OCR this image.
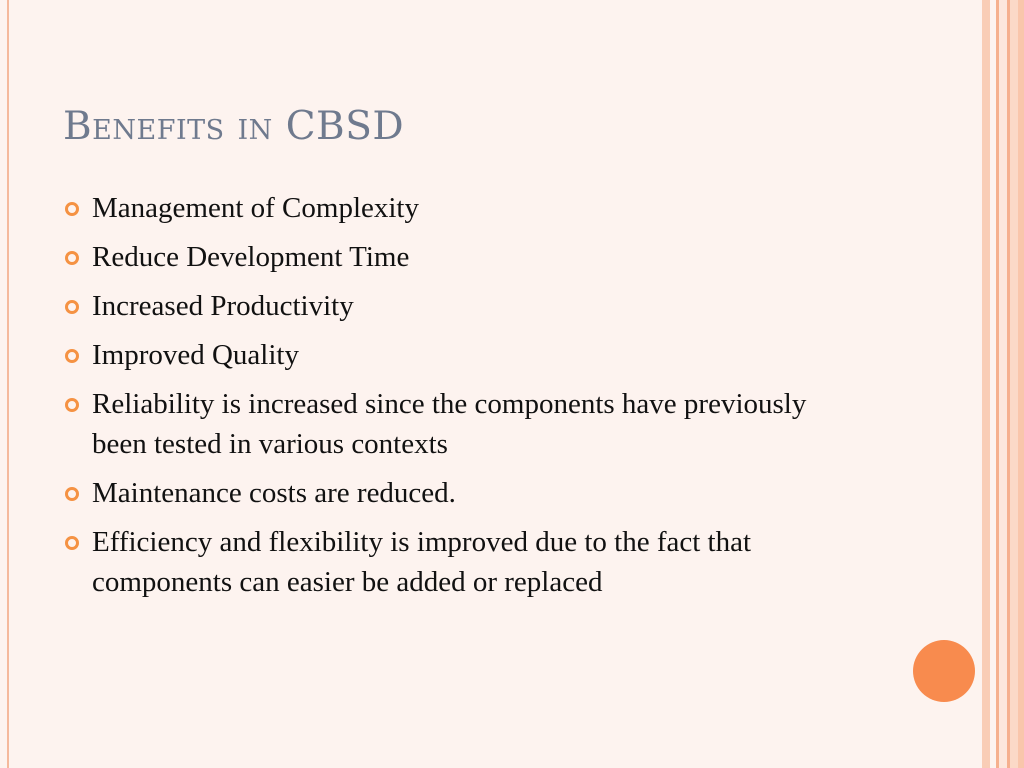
Benefits in CBSD
Management of Complexity
Reduce Development Time
Increased Productivity
Improved Quality
Reliability is increased since the components have previously been tested in various contexts
Maintenance costs are reduced.
Efficiency and flexibility is improved due to the fact that components can easier be added or replaced
